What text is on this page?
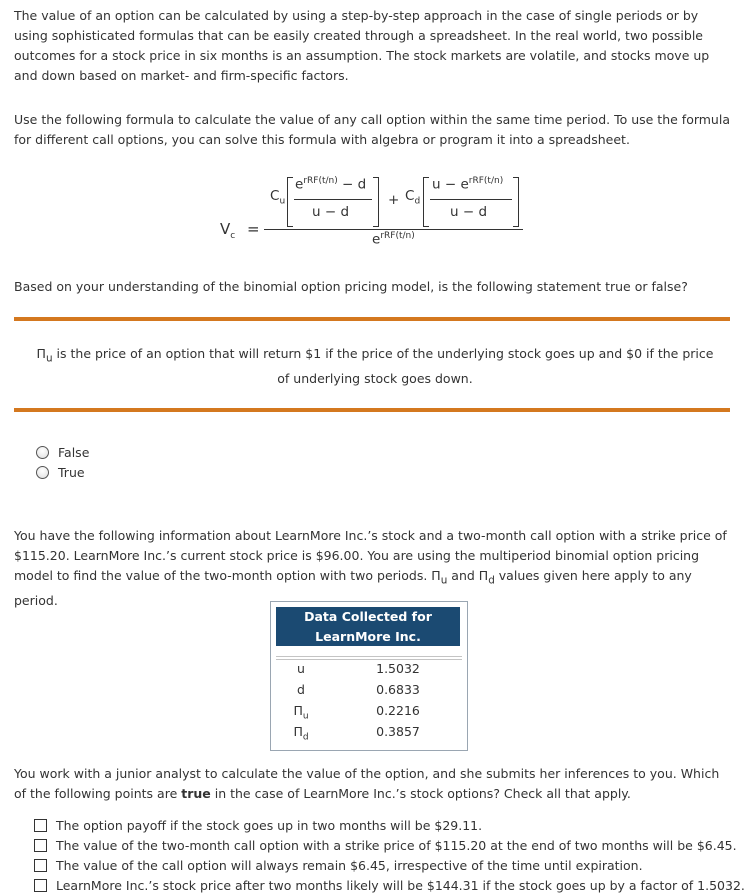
The value of an option can be calculated by using a step-by-step approach in the case of single periods or by using sophisticated formulas that can be easily created through a spreadsheet. In the real world, two possible outcomes for a stock price in six months is an assumption. The stock markets are volatile, and stocks move up and down based on market- and firm-specific factors.

Use the following formula to calculate the value of any call option within the same time period. To use the formula for different call options, you can solve this formula with algebra or program it into a spreadsheet.

$V_c$ =
$C_u$
$e^{rRF(t/n)} - d$
u − d
+ $C_d$
$u - e^{rRF(t/n)}$
u − d
$e^{rRF(t/n)}$

Based on your understanding of the binomial option pricing model, is the following statement true or false?

$\Pi_u$ is the price of an option that will return $1 if the price of the underlying stock goes up and $0 if the price of underlying stock goes down.
False
True

You have the following information about LearnMore Inc.’s stock and a two-month call option with a strike price of $115.20. LearnMore Inc.’s current stock price is $96.00. You are using the multiperiod binomial option pricing model to find the value of the two-month option with two periods. $\Pi_u$ and $\Pi_d$ values given here apply to any period.

Data Collected for
LearnMore Inc.
u	1.5032
d	0.6833
$\Pi_u$	0.2216
$\Pi_d$	0.3857

You work with a junior analyst to calculate the value of the option, and she submits her inferences to you. Which of the following points are true in the case of LearnMore Inc.’s stock options? Check all that apply.

The option payoff if the stock goes up in two months will be $29.11.
The value of the two-month call option with a strike price of $115.20 at the end of two months will be $6.45.
The value of the call option will always remain $6.45, irrespective of the time until expiration.
LearnMore Inc.’s stock price after two months likely will be $144.31 if the stock goes up by a factor of 1.5032.
